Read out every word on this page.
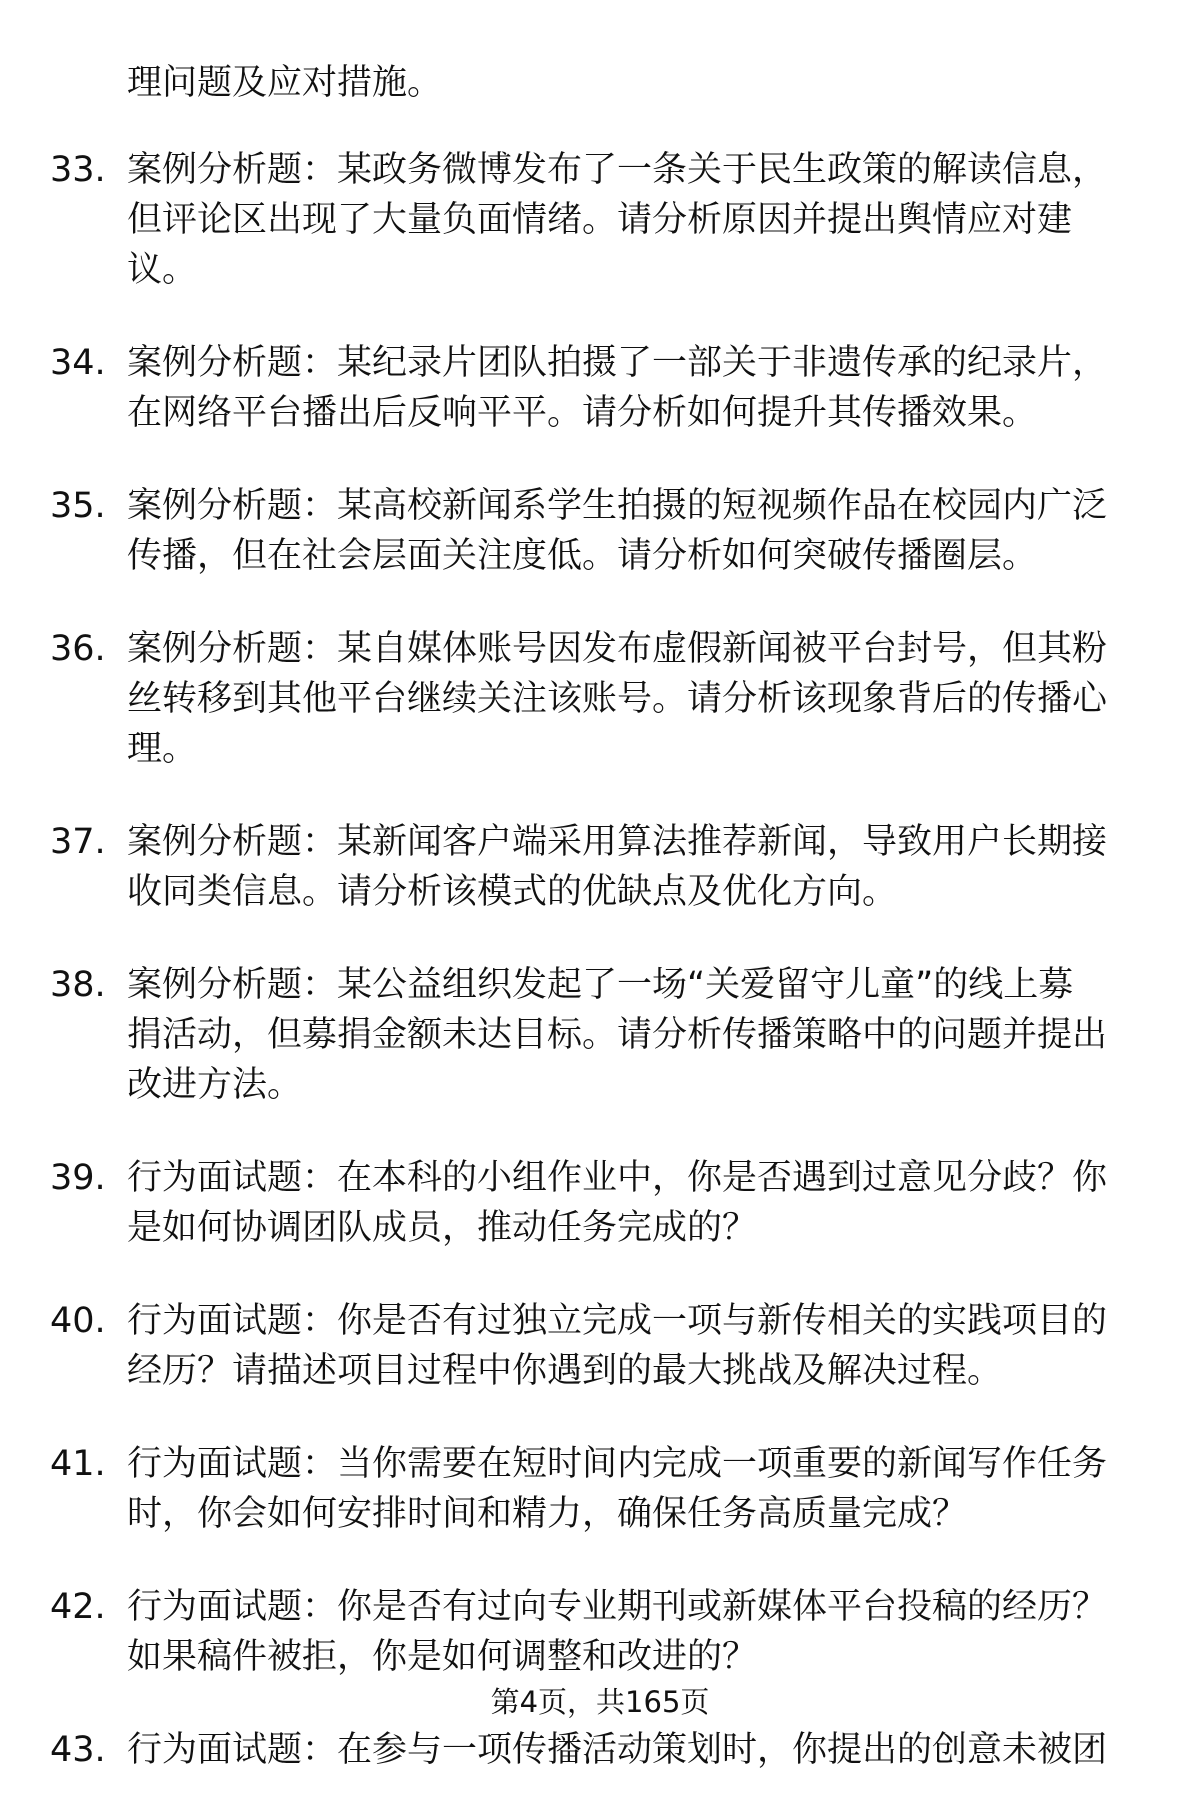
理问题及应对措施。
33. 案例分析题：某政务微博发布了一条关于民生政策的解读信息，
但评论区出现了大量负面情绪。请分析原因并提出舆情应对建
议。
34. 案例分析题：某纪录片团队拍摄了一部关于非遗传承的纪录片，
在网络平台播出后反响平平。请分析如何提升其传播效果。
35. 案例分析题：某高校新闻系学生拍摄的短视频作品在校园内广泛
传播，但在社会层面关注度低。请分析如何突破传播圈层。
36. 案例分析题：某自媒体账号因发布虚假新闻被平台封号，但其粉
丝转移到其他平台继续关注该账号。请分析该现象背后的传播心
理。
37. 案例分析题：某新闻客户端采用算法推荐新闻，导致用户长期接
收同类信息。请分析该模式的优缺点及优化方向。
38. 案例分析题：某公益组织发起了一场“关爱留守儿童”的线上募
捐活动，但募捐金额未达目标。请分析传播策略中的问题并提出
改进方法。
39. 行为面试题：在本科的小组作业中，你是否遇到过意见分歧？你
是如何协调团队成员，推动任务完成的？
40. 行为面试题：你是否有过独立完成一项与新传相关的实践项目的
经历？请描述项目过程中你遇到的最大挑战及解决过程。
41. 行为面试题：当你需要在短时间内完成一项重要的新闻写作任务
时，你会如何安排时间和精力，确保任务高质量完成？
42. 行为面试题：你是否有过向专业期刊或新媒体平台投稿的经历？
如果稿件被拒，你是如何调整和改进的？
43. 行为面试题：在参与一项传播活动策划时，你提出的创意未被团
第4页，共165页
